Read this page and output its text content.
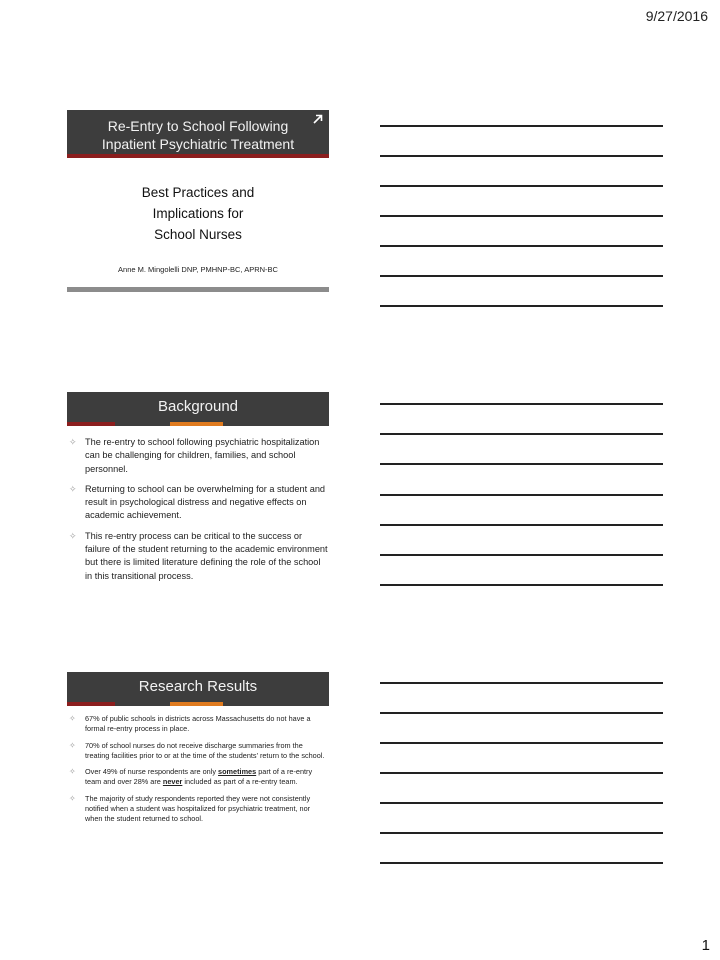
9/27/2016
Re-Entry to School Following
Inpatient Psychiatric Treatment
Best Practices and
Implications for
School Nurses
Anne M. Mingolelli DNP, PMHNP-BC, APRN-BC
Background
✧ The re-entry to school following psychiatric hospitalization can be challenging for children, families, and school personnel.
✧ Returning to school can be overwhelming for a student and result in psychological distress and negative effects on academic achievement.
✧ This re-entry process can be critical to the success or failure of the student returning to the academic environment but there is limited literature defining the role of the school in this transitional process.
Research Results
✧	67% of public schools in districts across Massachusetts do not have a formal re-entry process in place.
✧	70% of school nurses do not receive discharge summaries from the treating facilities prior to or at the time of the students’ return to the school.
✧	Over 49% of nurse respondents are only sometimes part of a re-entry team and over 28% are never included as part of a re-entry team.
✧	The majority of study respondents reported they were not consistently notified when a student was hospitalized for psychiatric treatment, nor when the student returned to school.
1
